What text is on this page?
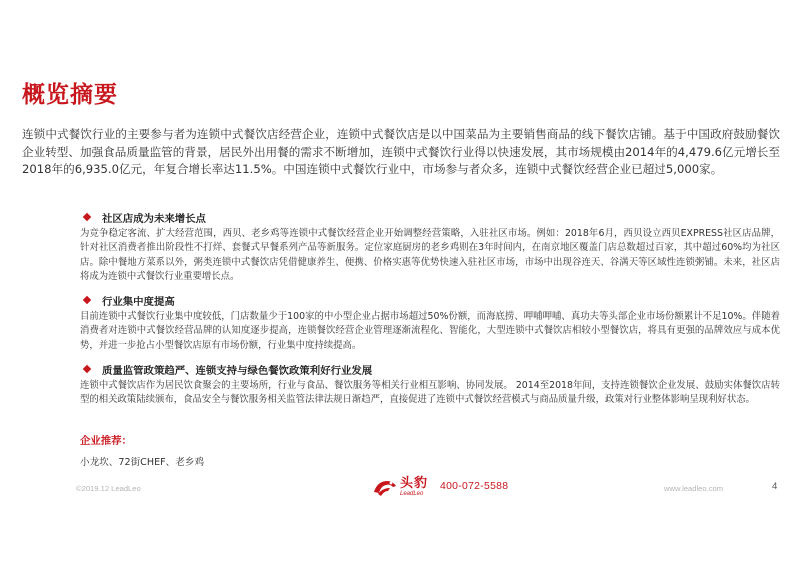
概览摘要

连锁中式餐饮行业的主要参与者为连锁中式餐饮店经营企业，连锁中式餐饮店是以中国菜品为主要销售商品的线下餐饮店铺。基于中国政府鼓励餐饮企业转型、加强食品质量监管的背景，居民外出用餐的需求不断增加，连锁中式餐饮行业得以快速发展，其市场规模由2014年的4,479.6亿元增长至2018年的6,935.0亿元，年复合增长率达11.5%。中国连锁中式餐饮行业中，市场参与者众多，连锁中式餐饮经营企业已超过5,000家。

社区店成为未来增长点

为竞争稳定客流、扩大经营范围，西贝、老乡鸡等连锁中式餐饮经营企业开始调整经营策略，入驻社区市场。例如：2018年6月，西贝设立西贝EXPRESS社区店品牌，针对社区消费者推出阶段性不打烊、套餐式早餐系列产品等新服务。定位家庭厨房的老乡鸡则在3年时间内，在南京地区覆盖门店总数超过百家，其中超过60%均为社区店。除中餐地方菜系以外，粥类连锁中式餐饮店凭借健康养生、便携、价格实惠等优势快速入驻社区市场，市场中出现谷连天、谷满天等区域性连锁粥铺。未来，社区店将成为连锁中式餐饮行业重要增长点。

行业集中度提高

目前连锁中式餐饮行业集中度较低，门店数量少于100家的中小型企业占据市场超过50%份额，而海底捞、呷哺呷哺、真功夫等头部企业市场份额累计不足10%。伴随着消费者对连锁中式餐饮经营品牌的认知度逐步提高，连锁餐饮经营企业管理逐渐流程化、智能化，大型连锁中式餐饮店相较小型餐饮店，将具有更强的品牌效应与成本优势，并进一步抢占小型餐饮店原有市场份额，行业集中度持续提高。

质量监管政策趋严、连锁支持与绿色餐饮政策利好行业发展

连锁中式餐饮店作为居民饮食聚会的主要场所，行业与食品、餐饮服务等相关行业相互影响、协同发展。 2014至2018年间，支持连锁餐饮企业发展、鼓励实体餐饮店转型的相关政策陆续颁布，食品安全与餐饮服务相关监管法律法规日渐趋严，直接促进了连锁中式餐饮经营模式与商品质量升级，政策对行业整体影响呈现利好状态。

企业推荐：

小龙坎、72街CHEF、老乡鸡

©2019.12 LeadLeo	头豹
LeadLeo
400-072-5588	www.leadleo.com	4
